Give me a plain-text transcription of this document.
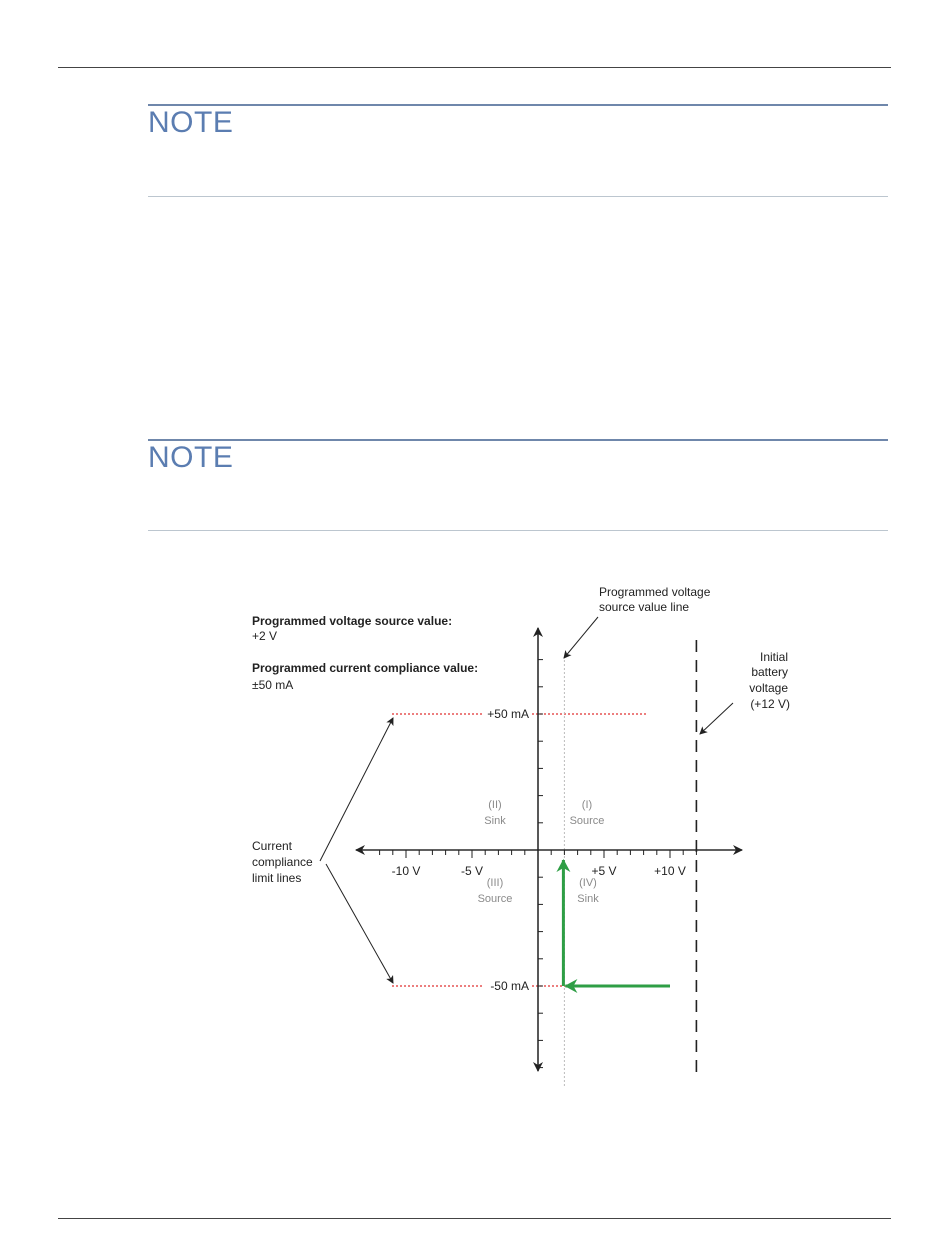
NOTE
NOTE
Programmed voltage source value:
+2 V
Programmed current compliance value:
±50 mA
Programmed voltage
source value line
Initial
battery
voltage
(+12 V)
Current
compliance
limit lines	-10 V	-5 V	+5 V	+10 V
(I)
Source
(II)
Sink
(III)
Source
(IV)
Sink
+50 mA
-50 mA
